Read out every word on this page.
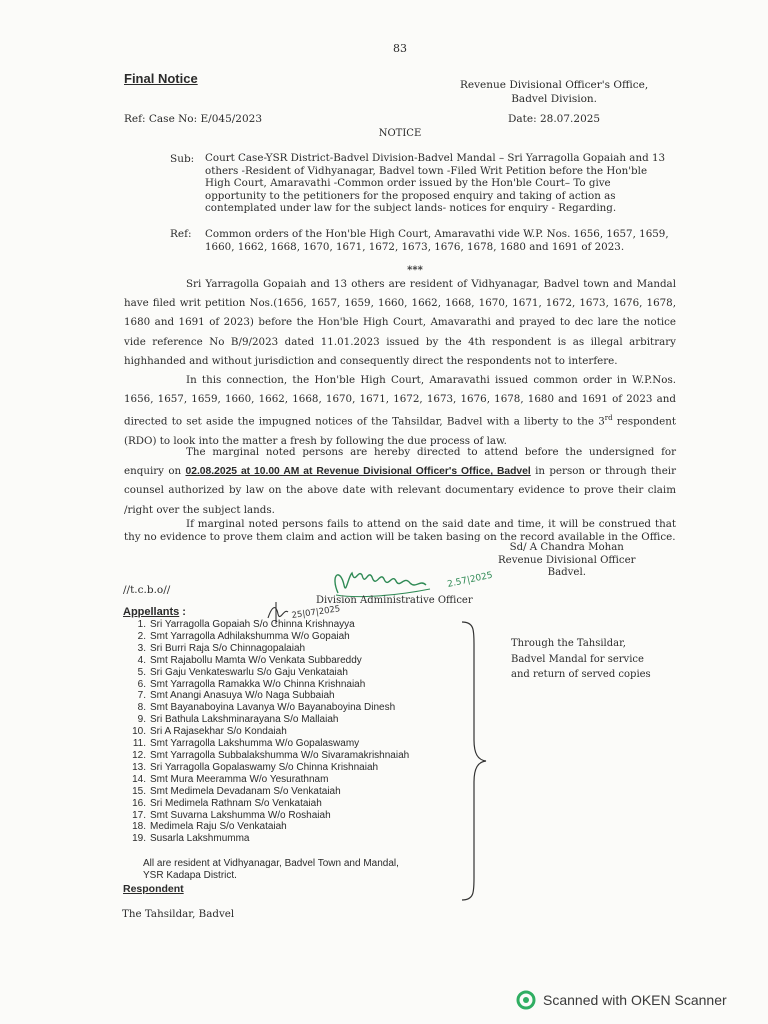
83
Final Notice	Revenue Divisional Officer's Office,
Badvel Division.
Ref: Case No: E/045/2023	Date: 28.07.2025
NOTICE
Sub: Court Case-YSR District-Badvel Division-Badvel Mandal – Sri Yarragolla Gopaiah and 13 others -Resident of Vidhyanagar, Badvel town -Filed Writ Petition before the Hon'ble High Court, Amaravathi -Common order issued by the Hon'ble Court– To give opportunity to the petitioners for the proposed enquiry and taking of action as contemplated under law for the subject lands- notices for enquiry - Regarding.
Ref: Common orders of the Hon'ble High Court, Amaravathi vide W.P. Nos. 1656, 1657, 1659, 1660, 1662, 1668, 1670, 1671, 1672, 1673, 1676, 1678, 1680 and 1691 of 2023.
***
Sri Yarragolla Gopaiah and 13 others are resident of Vidhyanagar, Badvel town and Mandal have filed writ petition Nos.(1656, 1657, 1659, 1660, 1662, 1668, 1670, 1671, 1672, 1673, 1676, 1678, 1680 and 1691 of 2023) before the Hon'ble High Court, Amavarathi and prayed to dec lare the notice vide reference No B/9/2023 dated 11.01.2023 issued by the 4th respondent is as illegal arbitrary highhanded and without jurisdiction and consequently direct the respondents not to interfere.
In this connection, the Hon'ble High Court, Amaravathi issued common order in W.P.Nos. 1656, 1657, 1659, 1660, 1662, 1668, 1670, 1671, 1672, 1673, 1676, 1678, 1680 and 1691 of 2023 and directed to set aside the impugned notices of the Tahsildar, Badvel with a liberty to the 3rd respondent (RDO) to look into the matter a fresh by following the due process of law.
The marginal noted persons are hereby directed to attend before the undersigned for enquiry on 02.08.2025 at 10.00 AM at Revenue Divisional Officer's Office, Badvel in person or through their counsel authorized by law on the above date with relevant documentary evidence to prove their claim /right over the subject lands.
If marginal noted persons fails to attend on the said date and time, it will be construed that thy no evidence to prove them claim and action will be taken basing on the record available in the Office.
Sd/ A Chandra Mohan
Revenue Divisional Officer
Badvel.
2.57|2025
//t.c.b.o//
Division Administrative Officer
25|07|2025
Appellants :
1. Sri Yarragolla Gopaiah S/o Chinna Krishnayya
2. Smt Yarragolla Adhilakshumma W/o Gopaiah
3. Sri Burri Raja S/o Chinnagopalaiah
4. Smt Rajabollu Mamta W/o Venkata Subbareddy
5. Sri Gaju Venkateswarlu S/o Gaju Venkataiah
6. Smt Yarragolla Ramakka W/o Chinna Krishnaiah
7. Smt Anangi Anasuya W/o Naga Subbaiah
8. Smt Bayanaboyina Lavanya W/o Bayanaboyina Dinesh
9. Sri Bathula Lakshminarayana S/o Mallaiah
10. Sri A Rajasekhar S/o Kondaiah
11. Smt Yarragolla Lakshumma W/o Gopalaswamy
12. Smt Yarragolla Subbalakshumma W/o Sivaramakrishnaiah
13. Sri Yarragolla Gopalaswamy S/o Chinna Krishnaiah
14. Smt Mura Meeramma W/o Yesurathnam
15. Smt Medimela Devadanam S/o Venkataiah
16. Sri Medimela Rathnam S/o Venkataiah
17. Smt Suvarna Lakshumma W/o Roshaiah
18. Medimela Raju S/o Venkataiah
19. Susarla Lakshmumma
All are resident at Vidhyanagar, Badvel Town and Mandal,
YSR Kadapa District.
Respondent
The Tahsildar, Badvel
Through the Tahsildar,
Badvel Mandal for service
and return of served copies
Scanned with OKEN Scanner
